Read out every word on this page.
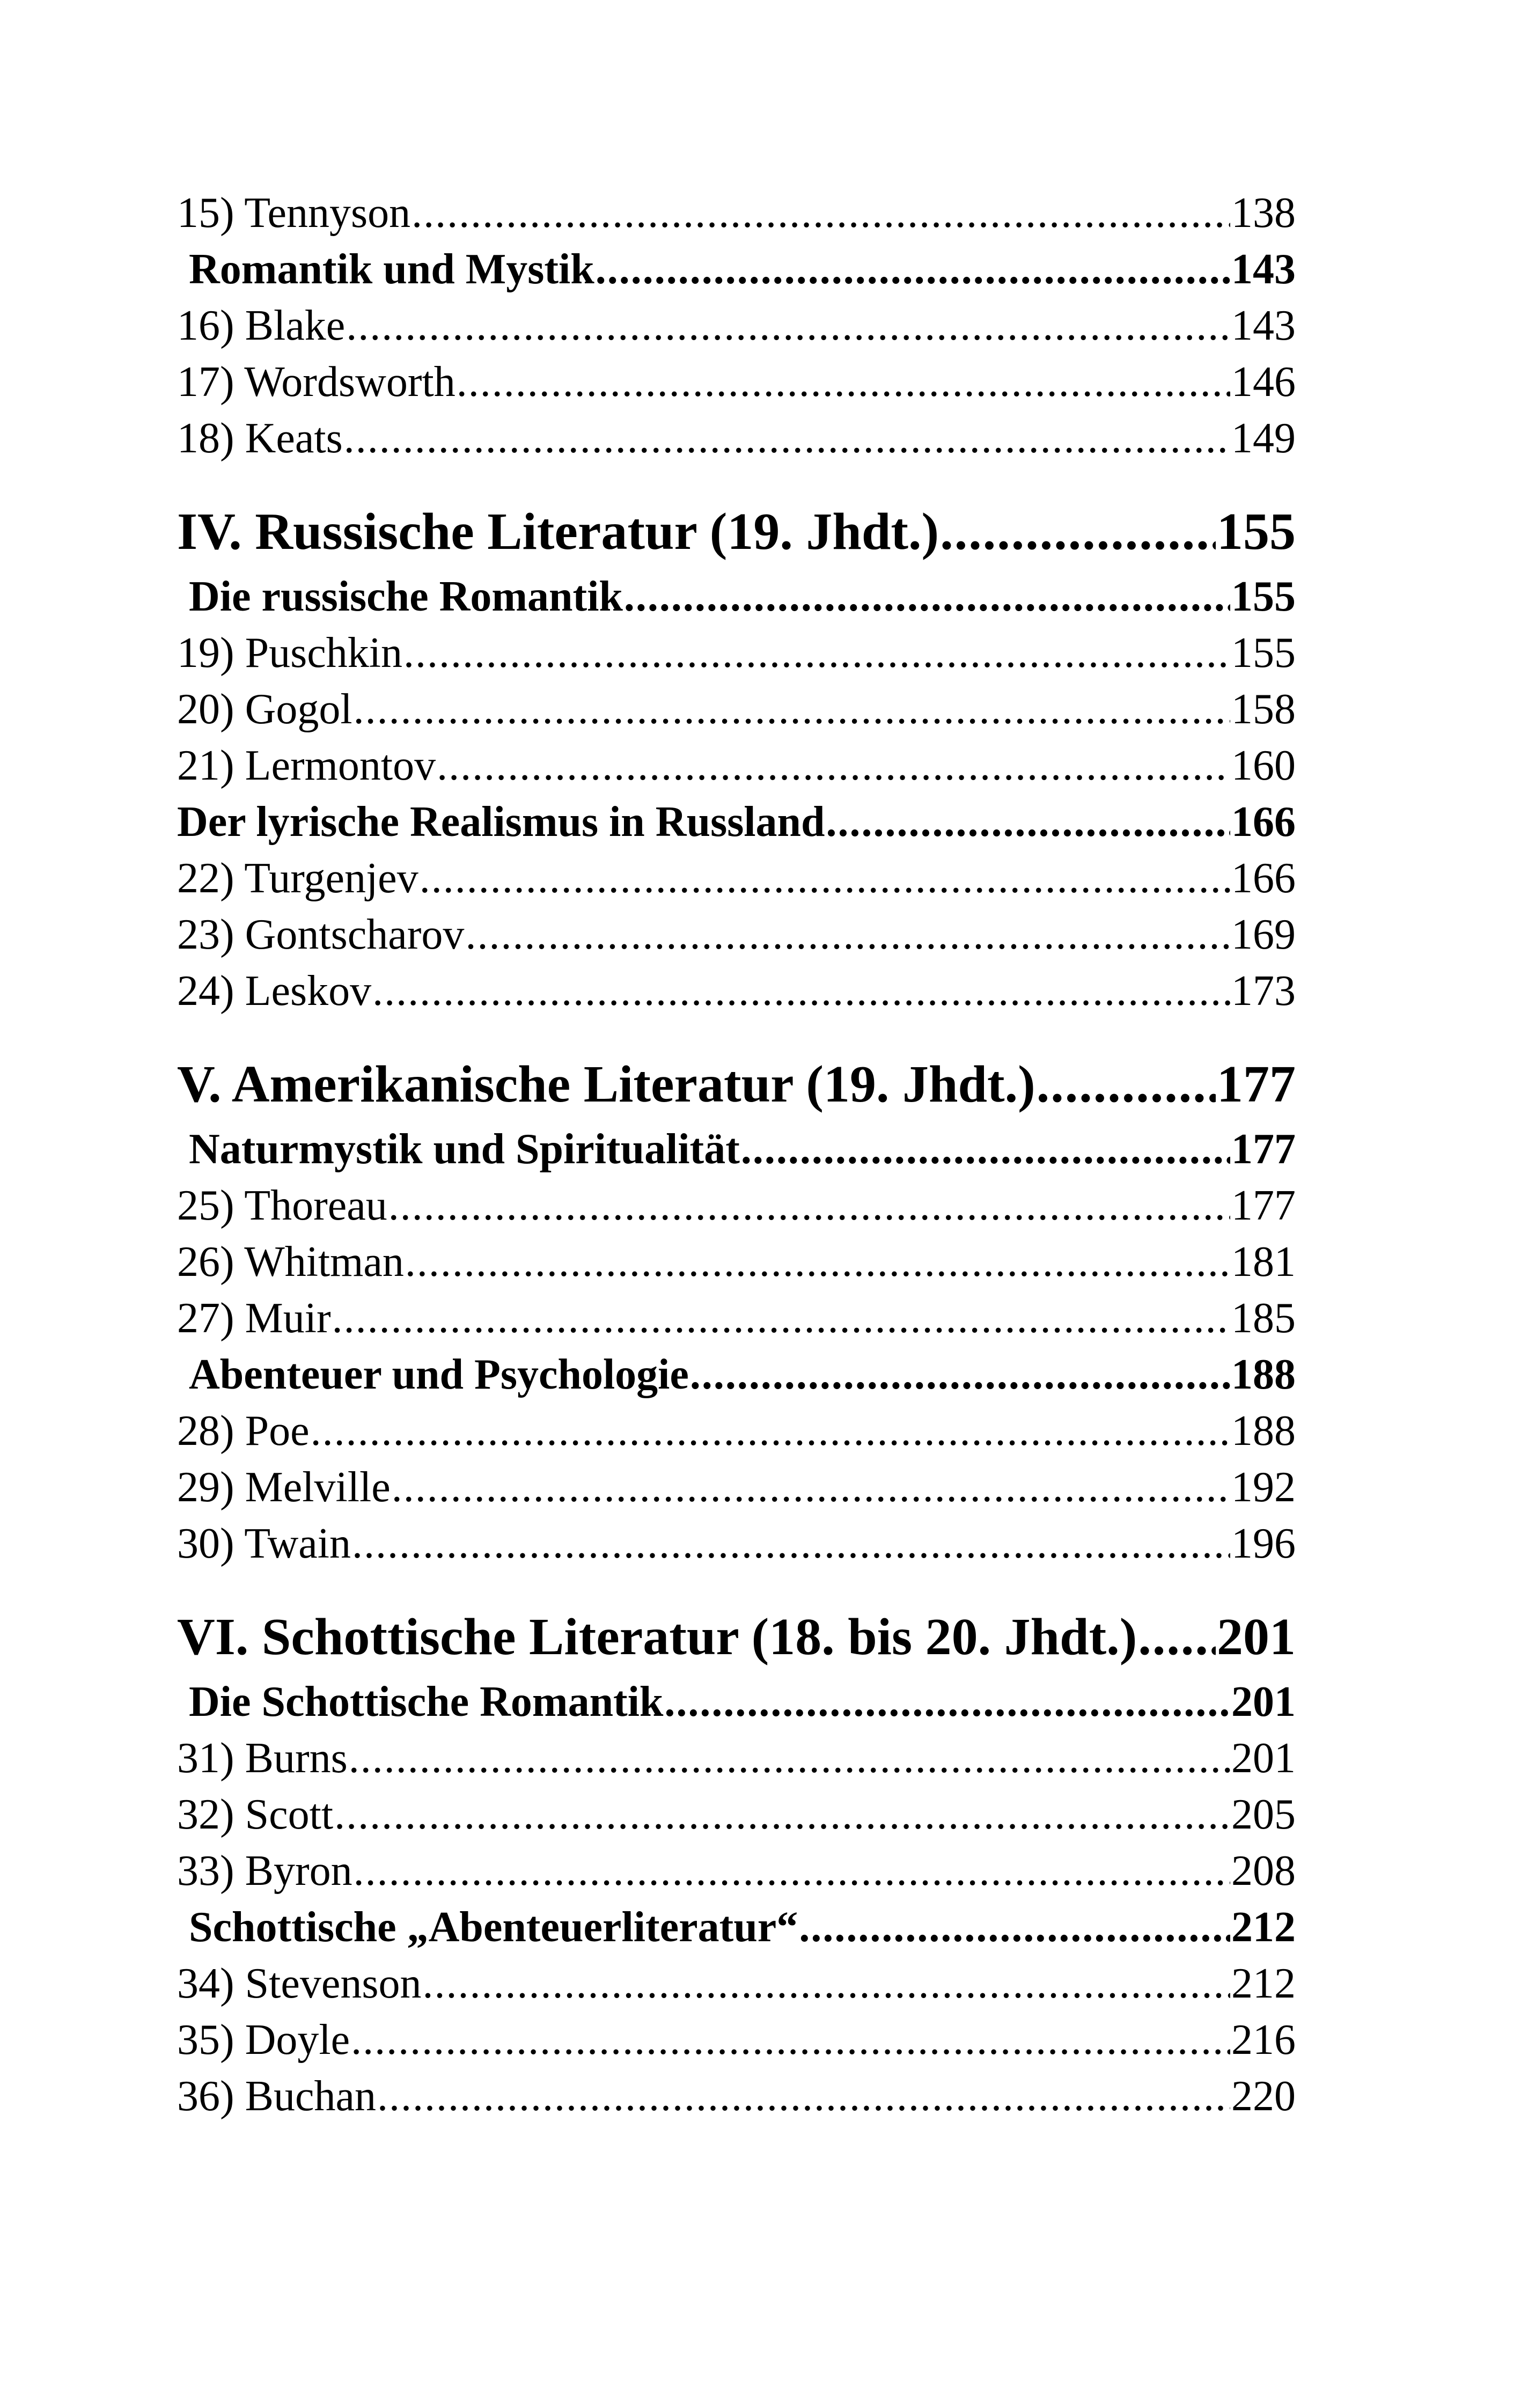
15) Tennyson .....	138
Romantik und Mystik .....	143
16) Blake .....	143
17) Wordsworth .....	146
18) Keats .....	149
IV. Russische Literatur (19. Jhdt.) .....	155
Die russische Romantik .....	155
19) Puschkin .....	155
20) Gogol .....	158
21) Lermontov .....	160
Der lyrische Realismus in Russland .....	166
22) Turgenjev .....	166
23) Gontscharov .....	169
24) Leskov .....	173
V. Amerikanische Literatur (19. Jhdt.) .....	177
Naturmystik und Spiritualität .....	177
25) Thoreau .....	177
26) Whitman .....	181
27) Muir .....	185
Abenteuer und Psychologie .....	188
28) Poe .....	188
29) Melville .....	192
30) Twain .....	196
VI. Schottische Literatur (18. bis 20. Jhdt.) ..... 201
Die Schottische Romantik .....	201
31) Burns .....	201
32) Scott .....	205
33) Byron .....	208
Schottische „Abenteuerliteratur“ .....	212
34) Stevenson .....	212
35) Doyle .....	216
36) Buchan .....	220
